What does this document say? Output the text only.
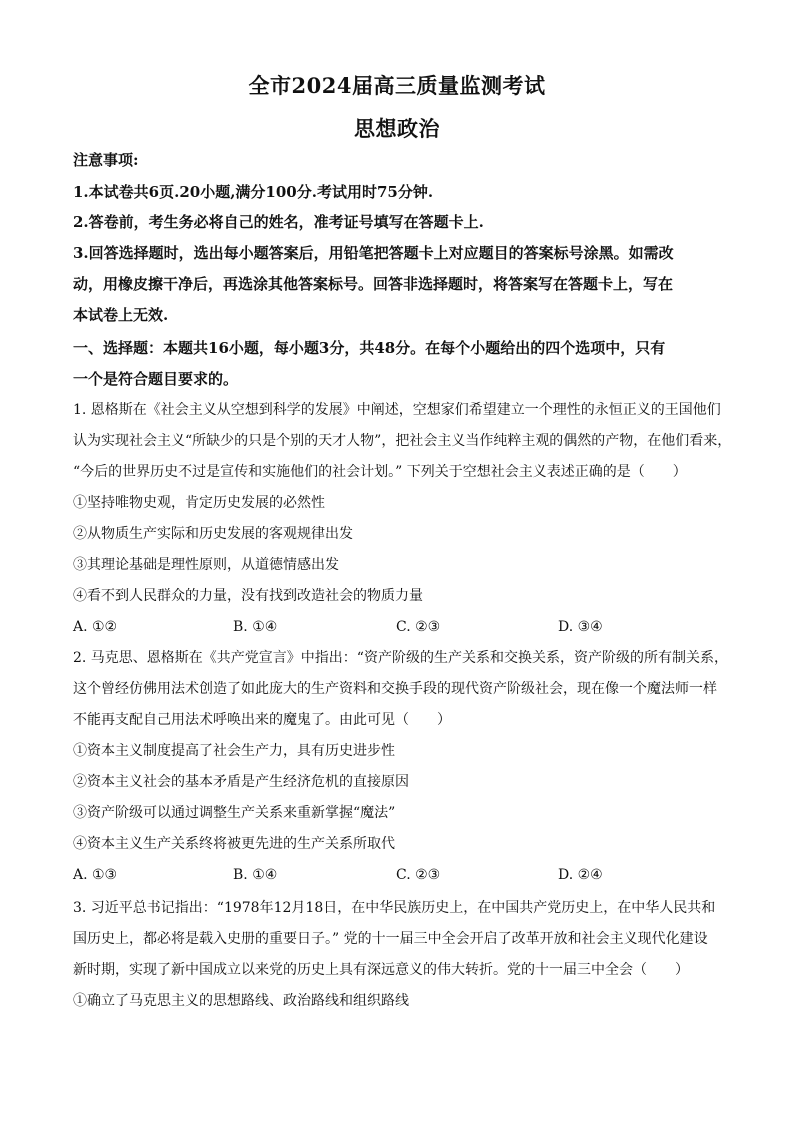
全市2024届高三质量监测考试
思想政治
注意事项:
1.本试卷共6页.20小题,满分100分.考试用时75分钟.
2.答卷前，考生务必将自己的姓名，准考证号填写在答题卡上.
3.回答选择题时，选出每小题答案后，用铅笔把答题卡上对应题目的答案标号涂黑。如需改
动，用橡皮擦干净后，再选涂其他答案标号。回答非选择题时，将答案写在答题卡上，写在
本试卷上无效.
一、选择题：本题共16小题，每小题3分，共48分。在每个小题给出的四个选项中，只有
一个是符合题目要求的。
1. 恩格斯在《社会主义从空想到科学的发展》中阐述，空想家们希望建立一个理性的永恒正义的王国他们
认为实现社会主义“所缺少的只是个别的天才人物”，把社会主义当作纯粹主观的偶然的产物，在他们看来，
“今后的世界历史不过是宣传和实施他们的社会计划。” 下列关于空想社会主义表述正确的是（　　）
①坚持唯物史观，肯定历史发展的必然性
②从物质生产实际和历史发展的客观规律出发
③其理论基础是理性原则，从道德情感出发
④看不到人民群众的力量，没有找到改造社会的物质力量
A. ①②	B. ①④	C. ②③	D. ③④
2. 马克思、恩格斯在《共产党宣言》中指出：“资产阶级的生产关系和交换关系，资产阶级的所有制关系，
这个曾经仿佛用法术创造了如此庞大的生产资料和交换手段的现代资产阶级社会，现在像一个魔法师一样
不能再支配自己用法术呼唤出来的魔鬼了。由此可见（　　）
①资本主义制度提高了社会生产力，具有历史进步性
②资本主义社会的基本矛盾是产生经济危机的直接原因
③资产阶级可以通过调整生产关系来重新掌握“魔法”
④资本主义生产关系终将被更先进的生产关系所取代
A. ①③	B. ①④	C. ②③	D. ②④
3. 习近平总书记指出：“1978年12月18日，在中华民族历史上，在中国共产党历史上，在中华人民共和
国历史上，都必将是载入史册的重要日子。” 党的十一届三中全会开启了改革开放和社会主义现代化建设
新时期，实现了新中国成立以来党的历史上具有深远意义的伟大转折。党的十一届三中全会（　　）
①确立了马克思主义的思想路线、政治路线和组织路线
